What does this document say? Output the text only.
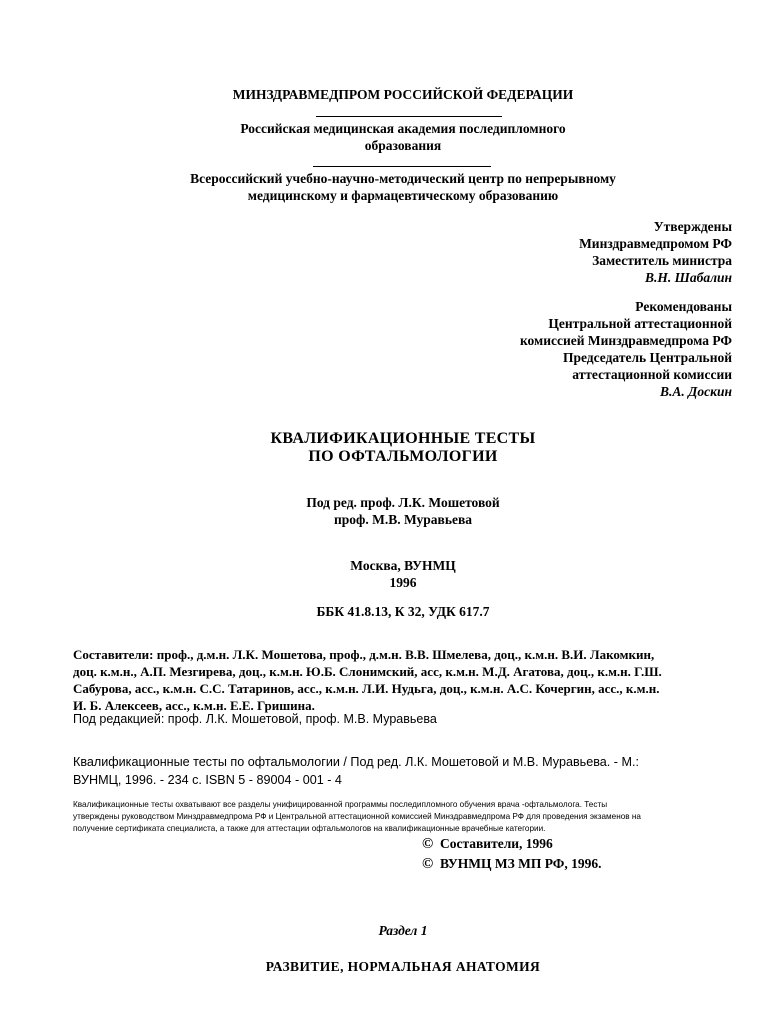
МИНЗДРАВМЕДПРОМ РОССИЙСКОЙ ФЕДЕРАЦИИ
Российская медицинская академия последипломного
образования
Всероссийский учебно-научно-методический центр по непрерывному
медицинскому и фармацевтическому образованию
Утверждены
Минздравмедпромом РФ
Заместитель министра
В.Н. Шабалин
Рекомендованы
Центральной аттестационной
комиссией Минздравмедпрома РФ
Председатель Центральной
аттестационной комиссии
В.А. Доскин
КВАЛИФИКАЦИОННЫЕ ТЕСТЫ
ПО ОФТАЛЬМОЛОГИИ
Под ред. проф. Л.К. Мошетовой
проф. М.В. Муравьева
Москва, ВУНМЦ
1996
ББК 41.8.13, К 32, УДК 617.7
Составители: проф., д.м.н. Л.К. Мошетова, проф., д.м.н. В.В. Шмелева, доц., к.м.н. В.И. Лакомкин,
доц. к.м.н., А.П. Мезгирева, доц., к.м.н. Ю.Б. Слонимский, асс, к.м.н. М.Д. Агатова, доц., к.м.н. Г.Ш.
Сабурова, асс., к.м.н. С.С. Татаринов, асс., к.м.н. Л.И. Нудьга, доц., к.м.н. А.С. Кочергин, асс., к.м.н.
И. Б. Алексеев, асс., к.м.н. Е.Е. Гришина.
Под редакцией: проф. Л.К. Мошетовой, проф. М.В. Муравьева
Квалификационные тесты по офтальмологии / Под ред. Л.К. Мошетовой и М.В. Муравьева. - М.:
ВУНМЦ, 1996. - 234 с. ISBN 5 - 89004 - 001 - 4
Квалификационные тесты охватывают все разделы унифицированной программы последипломного обучения врача -офтальмолога. Тесты
утверждены руководством Минздравмедпрома РФ и Центральной аттестационной комиссией Минздравмедпрома РФ для проведения экзаменов на
получение сертификата специалиста, а также для аттестации офтальмологов на квалификационные врачебные категории.
© Составители, 1996
© ВУНМЦ МЗ МП РФ, 1996.
Раздел 1
РАЗВИТИЕ, НОРМАЛЬНАЯ АНАТОМИЯ
